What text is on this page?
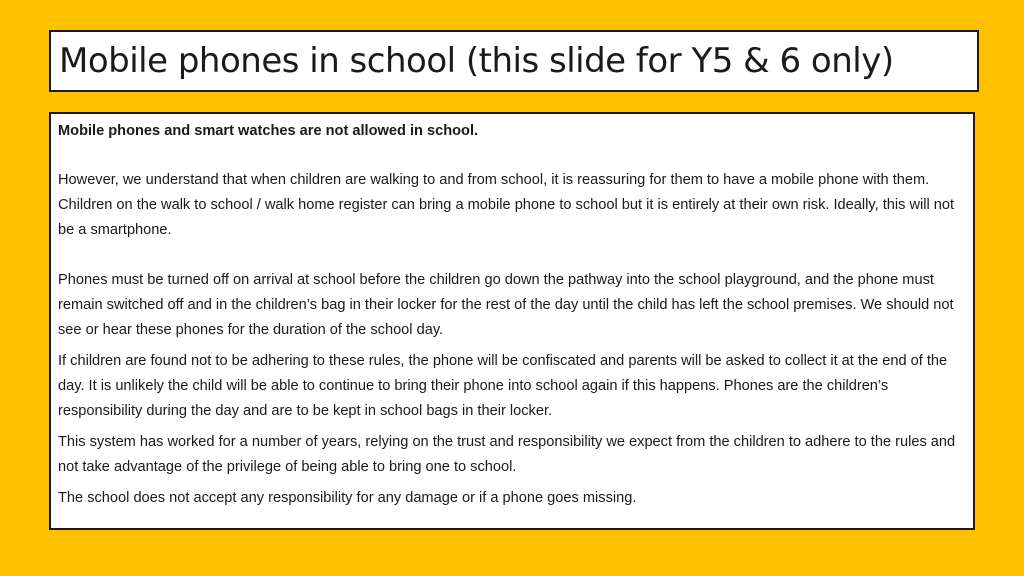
Mobile phones in school (this slide for Y5 & 6 only)

Mobile phones and smart watches are not allowed in school.

However, we understand that when children are walking to and from school, it is reassuring for them to have a mobile phone with them. Children on the walk to school / walk home register can bring a mobile phone to school but it is entirely at their own risk. Ideally, this will not be a smartphone.

Phones must be turned off on arrival at school before the children go down the pathway into the school playground, and the phone must remain switched off and in the children’s bag in their locker for the rest of the day until the child has left the school premises. We should not see or hear these phones for the duration of the school day.

If children are found not to be adhering to these rules, the phone will be confiscated and parents will be asked to collect it at the end of the day. It is unlikely the child will be able to continue to bring their phone into school again if this happens. Phones are the children’s responsibility during the day and are to be kept in school bags in their locker.

This system has worked for a number of years, relying on the trust and responsibility we expect from the children to adhere to the rules and not take advantage of the privilege of being able to bring one to school.

The school does not accept any responsibility for any damage or if a phone goes missing.
